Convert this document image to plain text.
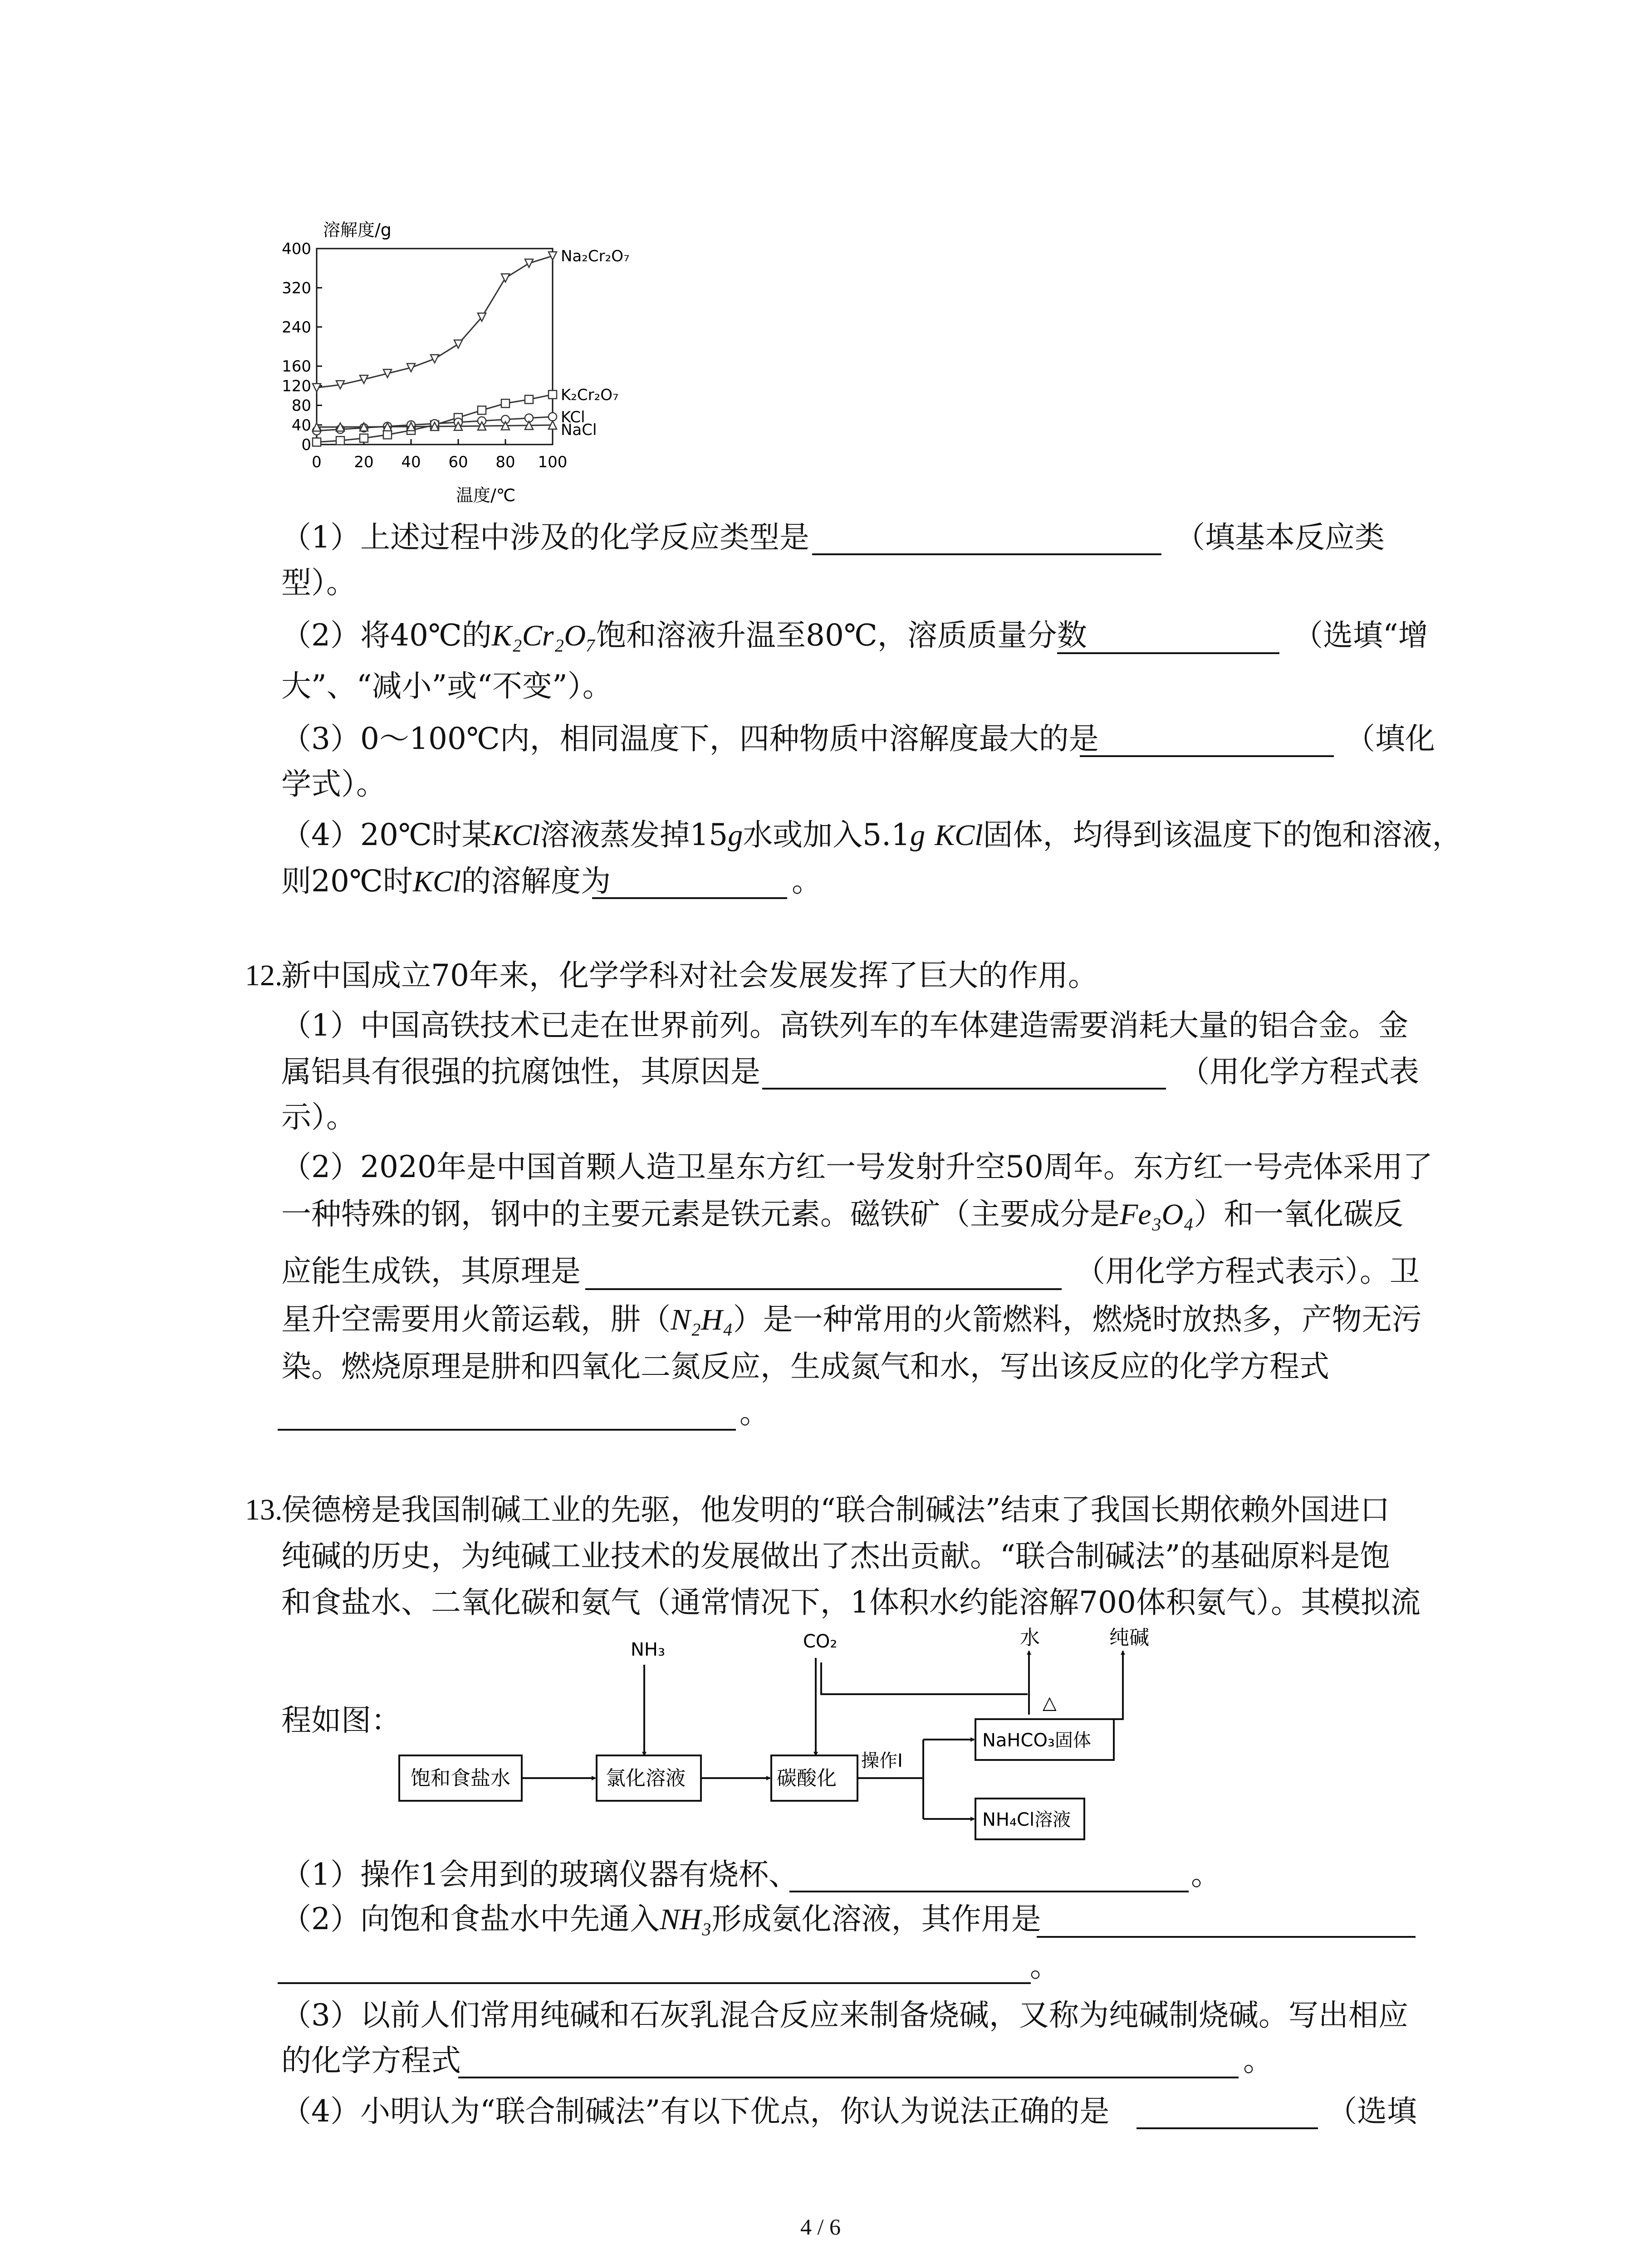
溶解度/g
温度/℃
0 20 40 60 80 100
0
40
80
120
160
240
320
400	Na₂Cr₂O₇
K₂Cr₂O₇
KCl
NaCl
（1）上述过程中涉及的化学反应类型是	（填基本反应类
型）。
（2）将40℃的K₂Cr₂O₇饱和溶液升温至80℃，溶质质量分数	（选填“增
大”、“减小”或“不变”）。
（3）0～100℃内，相同温度下，四种物质中溶解度最大的是	（填化
学式）。
（4）20℃时某KCl溶液蒸发掉15g水或加入5.1g KCl固体，均得到该温度下的饱和溶液，
则20℃时KCl的溶解度为	。
12.
新中国成立70年来，化学学科对社会发展发挥了巨大的作用。
（1）中国高铁技术已走在世界前列。高铁列车的车体建造需要消耗大量的铝合金。金
属铝具有很强的抗腐蚀性，其原因是	（用化学方程式表
示）。
（2）2020年是中国首颗人造卫星东方红一号发射升空50周年。东方红一号壳体采用了
一种特殊的钢，钢中的主要元素是铁元素。磁铁矿（主要成分是Fe₃O₄）和一氧化碳反
应能生成铁，其原理是	（用化学方程式表示）。卫
星升空需要用火箭运载，肼（N₂H₄）是一种常用的火箭燃料，燃烧时放热多，产物无污
染。燃烧原理是肼和四氧化二氮反应，生成氮气和水，写出该反应的化学方程式
。
13.
侯德榜是我国制碱工业的先驱，他发明的“联合制碱法”结束了我国长期依赖外国进口
纯碱的历史，为纯碱工业技术的发展做出了杰出贡献。“联合制碱法”的基础原料是饱
和食盐水、二氧化碳和氨气（通常情况下，1体积水约能溶解700体积氨气）。其模拟流
程如图：
NH₃	CO₂	水	纯碱
△
饱和食盐水	氯化溶液	碳酸化
NaHCO₃固体
NH₄Cl溶液
操作Ⅰ
（1）操作1会用到的玻璃仪器有烧杯、	。
（2）向饱和食盐水中先通入NH₃形成氨化溶液，其作用是
。
（3）以前人们常用纯碱和石灰乳混合反应来制备烧碱，又称为纯碱制烧碱。写出相应
的化学方程式	。
（4）小明认为“联合制碱法”有以下优点，你认为说法正确的是	（选填
4 / 6
